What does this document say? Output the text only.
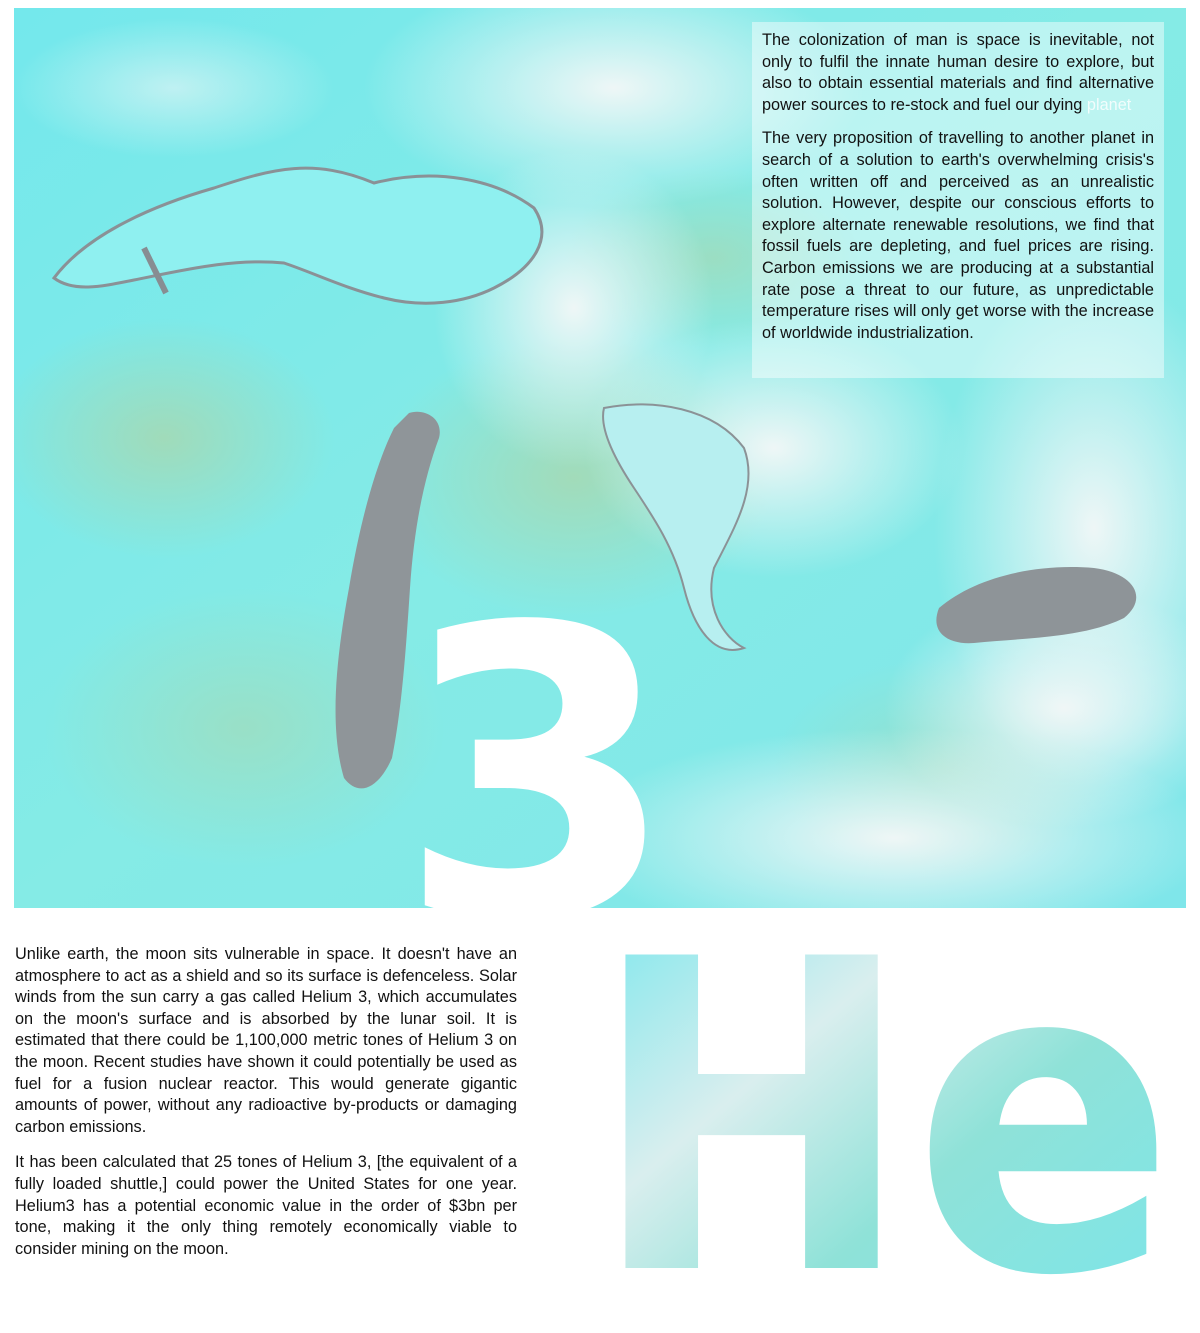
The colonization of man is space is inevitable, not only to fulfil the innate human desire to explore, but also to obtain essential materials and find alternative power sources to re-stock and fuel our dying planet

The very proposition of travelling to another planet in search of a solution to earth's overwhelming crisis's often written off and perceived as an unrealistic solution. However, despite our conscious efforts to explore alternate renewable resolutions, we find that fossil fuels are depleting, and fuel prices are rising. Carbon emissions we are producing at a substantial rate pose a threat to our future, as unpredictable temperature rises will only get worse with the increase of worldwide industrialization.

Unlike earth, the moon sits vulnerable in space. It doesn't have an atmosphere to act as a shield and so its surface is defenceless. Solar winds from the sun carry a gas called Helium 3, which accumulates on the moon's surface and is absorbed by the lunar soil. It is estimated that there could be 1,100,000 metric tones of Helium 3 on the moon. Recent studies have shown it could potentially be used as fuel for a fusion nuclear reactor. This would generate gigantic amounts of power, without any radioactive by-products or damaging carbon emissions.

It has been calculated that 25 tones of Helium 3, [the equivalent of a fully loaded shuttle,] could power the United States for one year. Helium3 has a potential economic value in the order of $3bn per tone, making it the only thing remotely economically viable to consider mining on the moon.

3
He
